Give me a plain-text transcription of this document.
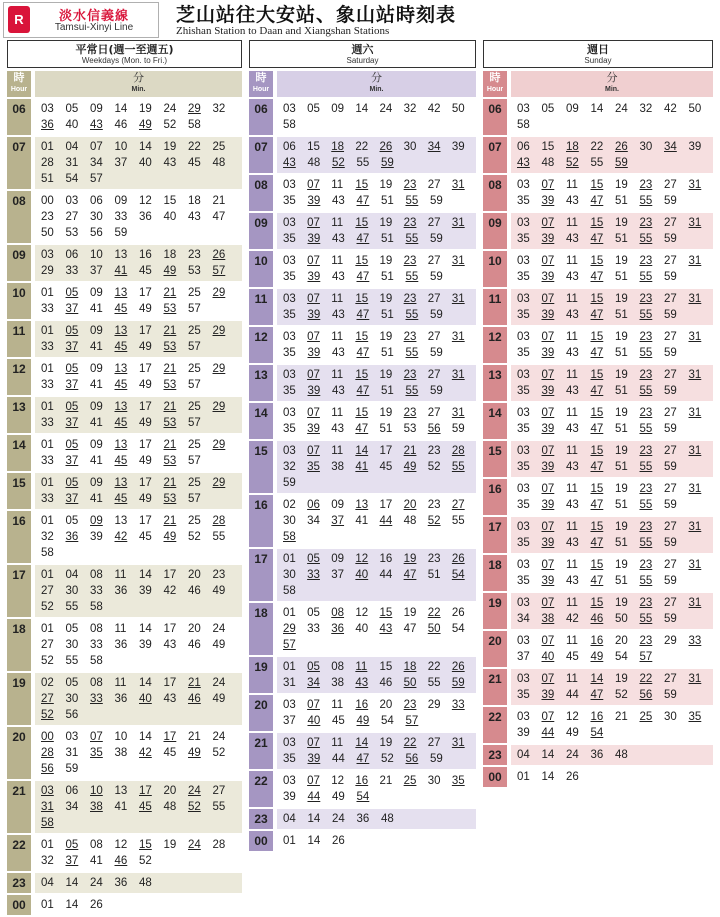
R	淡水信義線
Tamsui-Xinyi Line
芝山站往大安站、象山站時刻表
Zhishan Station to Daan and Xiangshan Stations
平常日(週一至週五)
Weekdays (Mon. to Fri.)
時
Hour
分
Min.
06	03	05	09	14	19	24	29	32
36	40	43	46	49	52	58
07	01	04	07	10	14	19	22	25
28	31	34	37	40	43	45	48
51	54	57
08	00	03	06	09	12	15	18	21
23	27	30	33	36	40	43	47
50	53	56	59
09	03	06	10	13	16	18	23	26
29	33	37	41	45	49	53	57
10	01	05	09	13	17	21	25	29
33	37	41	45	49	53	57
11	01	05	09	13	17	21	25	29
33	37	41	45	49	53	57
12	01	05	09	13	17	21	25	29
33	37	41	45	49	53	57
13	01	05	09	13	17	21	25	29
33	37	41	45	49	53	57
14	01	05	09	13	17	21	25	29
33	37	41	45	49	53	57
15	01	05	09	13	17	21	25	29
33	37	41	45	49	53	57
16	01	05	09	13	17	21	25	28
32	36	39	42	45	49	52	55
58
17	01	04	08	11	14	17	20	23
27	30	33	36	39	42	46	49
52	55	58
18	01	05	08	11	14	17	20	24
27	30	33	36	39	43	46	49
52	55	58
19	02	05	08	11	14	17	21	24
27	30	33	36	40	43	46	49
52	56
20	00	03	07	10	14	17	21	24
28	31	35	38	42	45	49	52
56	59
21	03	06	10	13	17	20	24	27
31	34	38	41	45	48	52	55
58
22	01	05	08	12	15	19	24	28
32	37	41	46	52
23	04	14	24	36	48
00	01	14	26
週六
Saturday
時
Hour
分
Min.
06	03 05 09 14 24 32 42 50
58
07	06 15 18 22 26 30 34 39
43	48	52	55	59
08	03 07 11	15 19 23 27 31
35	39	43	47	51	55	59
09	03 07 11	15 19 23 27 31
35	39	43	47	51	55	59
10	03 07 11	15 19 23 27 31
35	39	43	47	51	55	59
11	03 07 11	15 19 23 27 31
35	39	43	47	51	55	59
12	03 07 11	15 19 23 27 31
35	39	43	47	51	55	59
13	03 07 11	15 19 23 27 31
35	39	43	47	51	55	59
14	03 07 11	15 19 23 27 31
35 39 43 47 51 53 56 59
15	03 07 11	14 17 21 23 28
32 35 38 41 45 49 52 55
59
16	02 06 09 13 17 20 23 27
30 34 37 41 44 48 52 55
58
17	01 05 09 12 16 19 23 26
30 33 37 40 44 47 51 54
58
18	01 05 08 12 15 19 22 26
29 33 36 40 43 47 50 54
57
19	01 05 08 11	15 18 22 26
31 34 38 43 46 50 55 59
20	03 07 11	16 20 23 29 33
37	40	45	49	54	57
21	03 07 11	14 19 22 27 31
35	39	44	47	52	56	59
22	03 07 12 16 21 25 30 35
39	44	49	54
23	04	14	24	36	48
00	01	14	26
週日
Sunday
時
Hour
分
Min.
06	03	05	09	14	24	32	42	50
58
07	06	15	18	22	26	30	34	39
43	48	52	55	59
08	03	07	11	15	19	23	27	31
35	39	43	47	51	55	59
09	03	07	11	15	19	23	27	31
35	39	43	47	51	55	59
10	03	07	11	15	19	23	27	31
35	39	43	47	51	55	59
11	03	07	11	15	19	23	27	31
35	39	43	47	51	55	59
12	03	07	11	15	19	23	27	31
35	39	43	47	51	55	59
13	03	07	11	15	19	23	27	31
35	39	43	47	51	55	59
14	03	07	11	15	19	23	27	31
35	39	43	47	51	55	59
15	03	07	11	15	19	23	27	31
35	39	43	47	51	55	59
16	03	07	11	15	19	23	27	31
35	39	43	47	51	55	59
17	03	07	11	15	19	23	27	31
35	39	43	47	51	55	59
18	03	07	11	15	19	23	27	31
35	39	43	47	51	55	59
19	03	07	11	15	19	23	27	31
34	38	42	46	50	55	59
20	03	07	11	16	20	23	29	33
37	40	45	49	54	57
21	03	07	11	14	19	22	27	31
35	39	44	47	52	56	59
22	03	07	12	16	21	25	30	35
39	44	49	54
23	04	14	24	36	48
00	01	14	26
